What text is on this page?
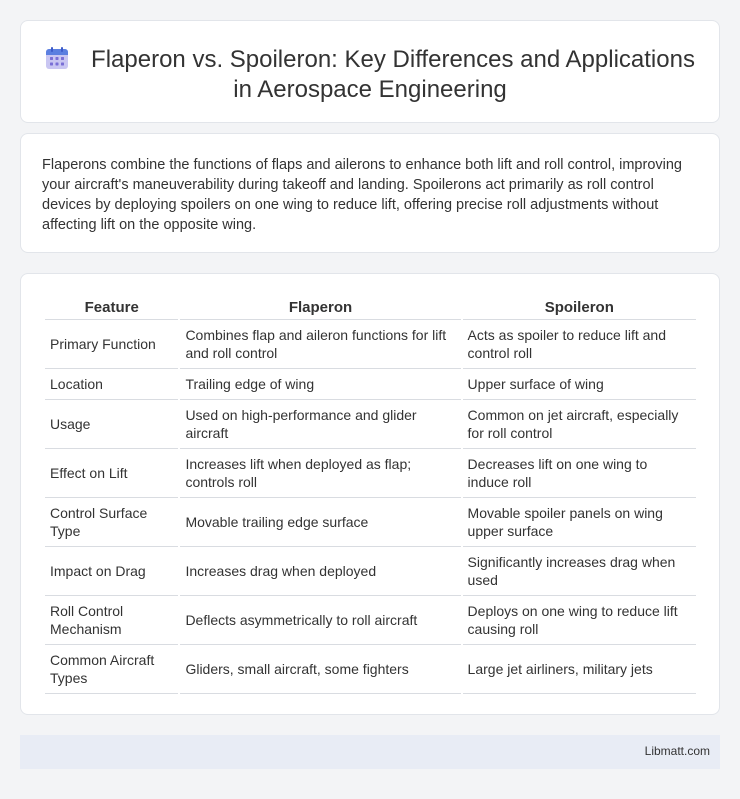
Flaperon vs. Spoileron: Key Differences and Applications
in Aerospace Engineering

Flaperons combine the functions of flaps and ailerons to enhance both lift and roll control, improving your aircraft's maneuverability during takeoff and landing. Spoilerons act primarily as roll control devices by deploying spoilers on one wing to reduce lift, offering precise roll adjustments without affecting lift on the opposite wing.

Feature	Flaperon	Spoileron
Primary Function	Combines flap and aileron functions for lift and roll control	Acts as spoiler to reduce lift and control roll
Location	Trailing edge of wing	Upper surface of wing
Usage	Used on high-performance and glider aircraft	Common on jet aircraft, especially for roll control
Effect on Lift	Increases lift when deployed as flap; controls roll	Decreases lift on one wing to induce roll
Control Surface Type	Movable trailing edge surface	Movable spoiler panels on wing upper surface
Impact on Drag	Increases drag when deployed	Significantly increases drag when used
Roll Control Mechanism	Deflects asymmetrically to roll aircraft	Deploys on one wing to reduce lift causing roll
Common Aircraft Types	Gliders, small aircraft, some fighters	Large jet airliners, military jets
Libmatt.com
